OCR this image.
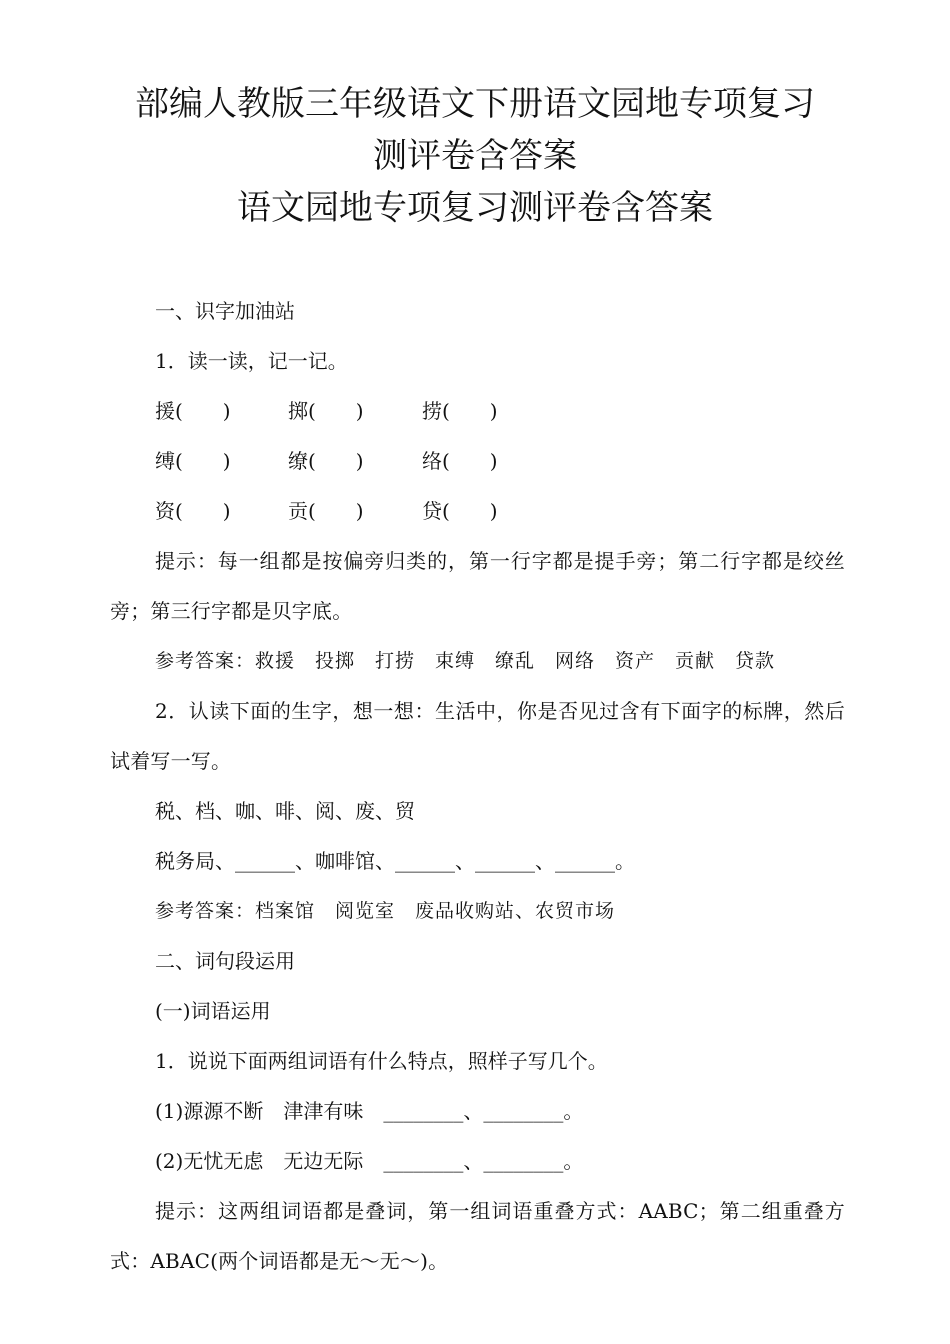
部编人教版三年级语文下册语文园地专项复习
测评卷含答案
语文园地专项复习测评卷含答案
一、识字加油站
1．读一读，记一记。
援(　　)	掷(　　)	捞(　　)
缚(　　)	缭(　　)	络(　　)
资(　　)	贡(　　)	贷(　　)
提示：每一组都是按偏旁归类的，第一行字都是提手旁；第二行字都是绞丝旁；第三行字都是贝字底。
参考答案：救援　投掷　打捞　束缚　缭乱　网络　资产　贡献　贷款
2．认读下面的生字，想一想：生活中，你是否见过含有下面字的标牌，然后试着写一写。
税、档、咖、啡、阅、废、贸
税务局、______、咖啡馆、______、______、______。
参考答案：档案馆　阅览室　废品收购站、农贸市场
二、词句段运用
(一)词语运用
1．说说下面两组词语有什么特点，照样子写几个。
(1)源源不断　津津有味　________、________。
(2)无忧无虑　无边无际　________、________。
提示：这两组词语都是叠词，第一组词语重叠方式：AABC；第二组重叠方式：ABAC(两个词语都是无～无～)。
